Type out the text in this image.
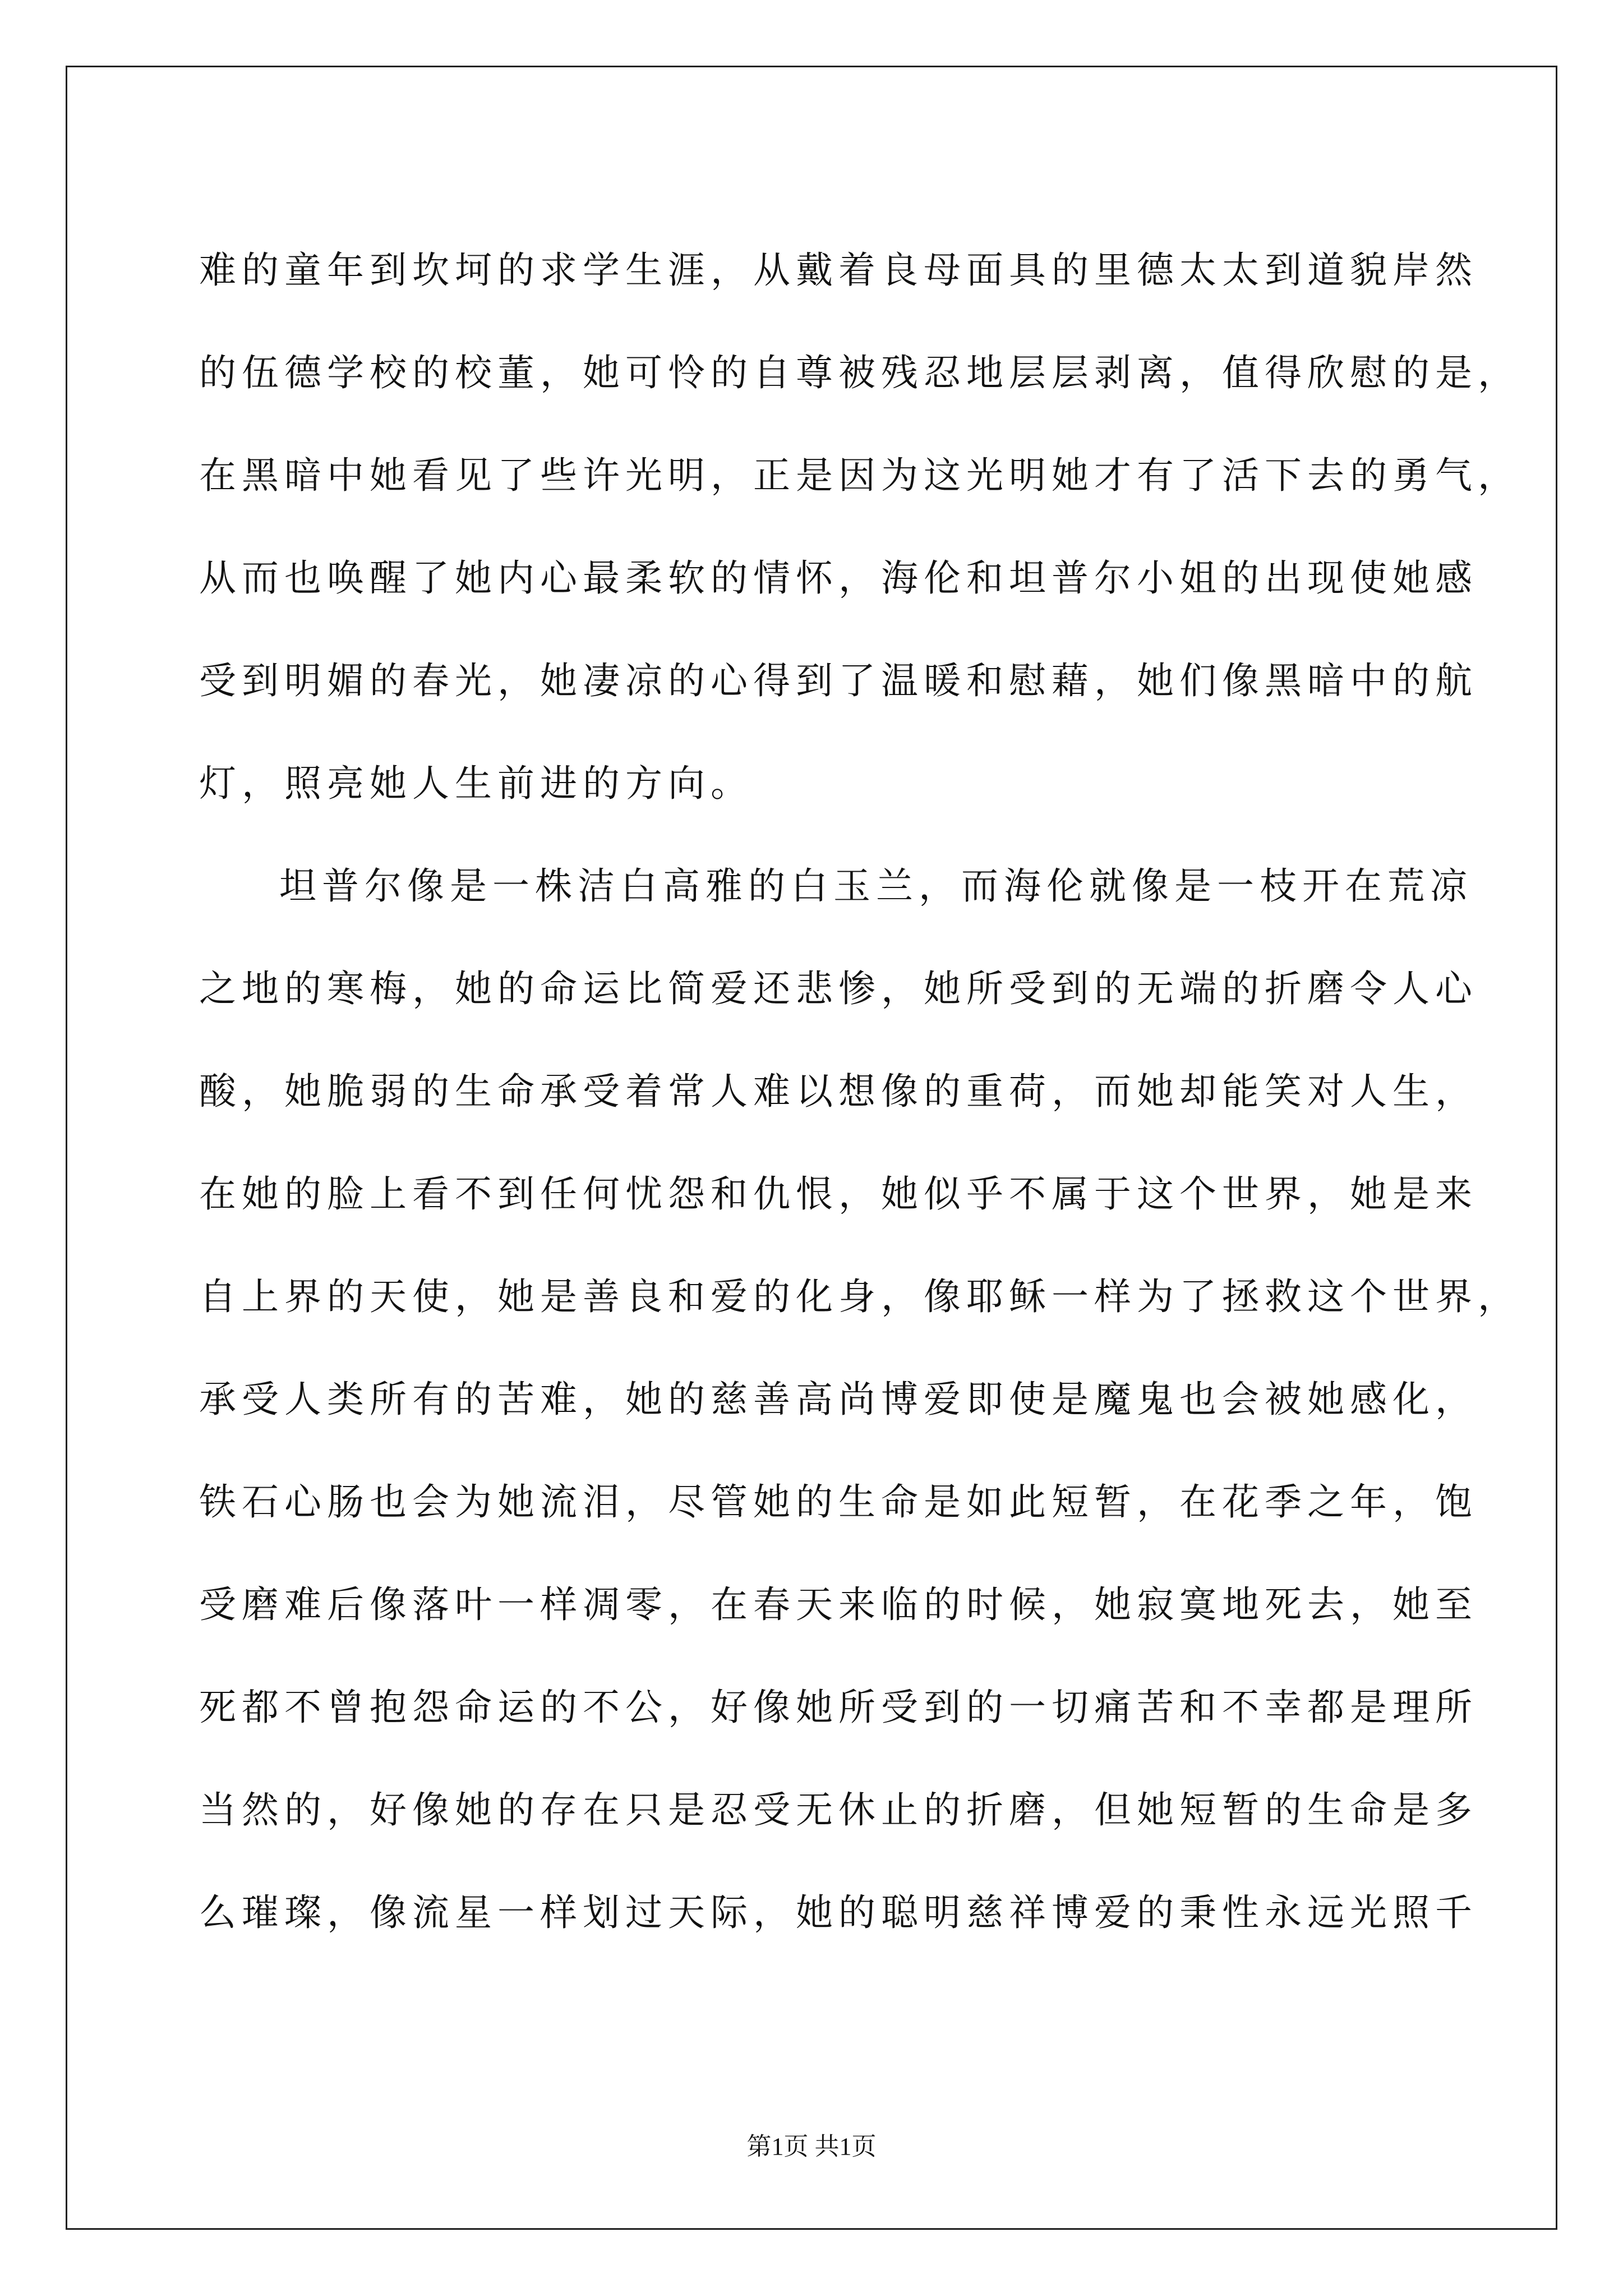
难的童年到坎坷的求学生涯，从戴着良母面具的里德太太到道貌岸然
的伍德学校的校董，她可怜的自尊被残忍地层层剥离，值得欣慰的是，
在黑暗中她看见了些许光明，正是因为这光明她才有了活下去的勇气，
从而也唤醒了她内心最柔软的情怀，海伦和坦普尔小姐的出现使她感
受到明媚的春光，她凄凉的心得到了温暖和慰藉，她们像黑暗中的航
灯，照亮她人生前进的方向。
坦普尔像是一株洁白高雅的白玉兰，而海伦就像是一枝开在荒凉
之地的寒梅，她的命运比简爱还悲惨，她所受到的无端的折磨令人心
酸，她脆弱的生命承受着常人难以想像的重荷，而她却能笑对人生，
在她的脸上看不到任何忧怨和仇恨，她似乎不属于这个世界，她是来
自上界的天使，她是善良和爱的化身，像耶稣一样为了拯救这个世界，
承受人类所有的苦难，她的慈善高尚博爱即使是魔鬼也会被她感化，
铁石心肠也会为她流泪，尽管她的生命是如此短暂，在花季之年，饱
受磨难后像落叶一样凋零，在春天来临的时候，她寂寞地死去，她至
死都不曾抱怨命运的不公，好像她所受到的一切痛苦和不幸都是理所
当然的，好像她的存在只是忍受无休止的折磨，但她短暂的生命是多
么璀璨，像流星一样划过天际，她的聪明慈祥博爱的秉性永远光照千
第1页 共1页
